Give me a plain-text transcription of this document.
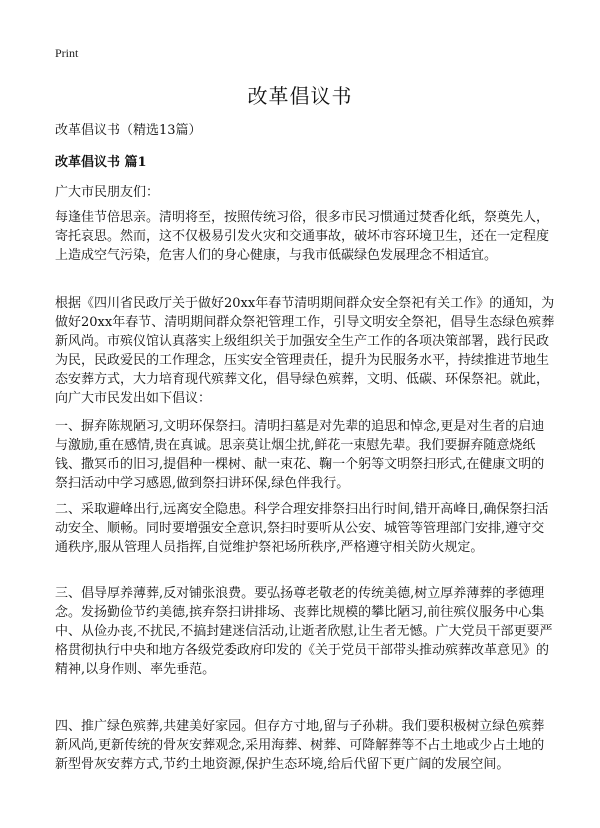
Print
改革倡议书
改革倡议书（精选13篇）
改革倡议书 篇1
广大市民朋友们：

每逢佳节倍思亲。清明将至，按照传统习俗，很多市民习惯通过焚香化纸，祭奠先人，寄托哀思。然而，这不仅极易引发火灾和交通事故，破坏市容环境卫生，还在一定程度上造成空气污染，危害人们的身心健康，与我市低碳绿色发展理念不相适宜。

根据《四川省民政厅关于做好20xx年春节清明期间群众安全祭祀有关工作》的通知，为做好20xx年春节、清明期间群众祭祀管理工作，引导文明安全祭祀，倡导生态绿色殡葬新风尚。市殡仪馆认真落实上级组织关于加强安全生产工作的各项决策部署，践行民政为民，民政爱民的工作理念，压实安全管理责任，提升为民服务水平，持续推进节地生态安葬方式，大力培育现代殡葬文化，倡导绿色殡葬，文明、低碳、环保祭祀。就此，向广大市民发出如下倡议：

一、摒弃陈规陋习,文明环保祭扫。清明扫墓是对先辈的追思和悼念,更是对生者的启迪与激励,重在感情,贵在真诚。思亲莫让烟尘扰,鲜花一束慰先辈。我们要摒弃随意烧纸钱、撒冥币的旧习,提倡种一棵树、献一束花、鞠一个躬等文明祭扫形式,在健康文明的祭扫活动中学习感恩,做到祭扫讲环保,绿色伴我行。

二、采取避峰出行,远离安全隐患。科学合理安排祭扫出行时间,错开高峰日,确保祭扫活动安全、顺畅。同时要增强安全意识,祭扫时要听从公安、城管等管理部门安排,遵守交通秩序,服从管理人员指挥,自觉维护祭祀场所秩序,严格遵守相关防火规定。

三、倡导厚养薄葬,反对铺张浪费。要弘扬尊老敬老的传统美德,树立厚养薄葬的孝德理念。发扬勤俭节约美德,摈弃祭扫讲排场、丧葬比规模的攀比陋习,前往殡仪服务中心集中、从俭办丧,不扰民,不搞封建迷信活动,让逝者欣慰,让生者无憾。广大党员干部更要严格贯彻执行中央和地方各级党委政府印发的《关于党员干部带头推动殡葬改革意见》的精神,以身作则、率先垂范。

四、推广绿色殡葬,共建美好家园。但存方寸地,留与子孙耕。我们要积极树立绿色殡葬新风尚,更新传统的骨灰安葬观念,采用海葬、树葬、可降解葬等不占土地或少占土地的新型骨灰安葬方式,节约土地资源,保护生态环境,给后代留下更广阔的发展空间。
